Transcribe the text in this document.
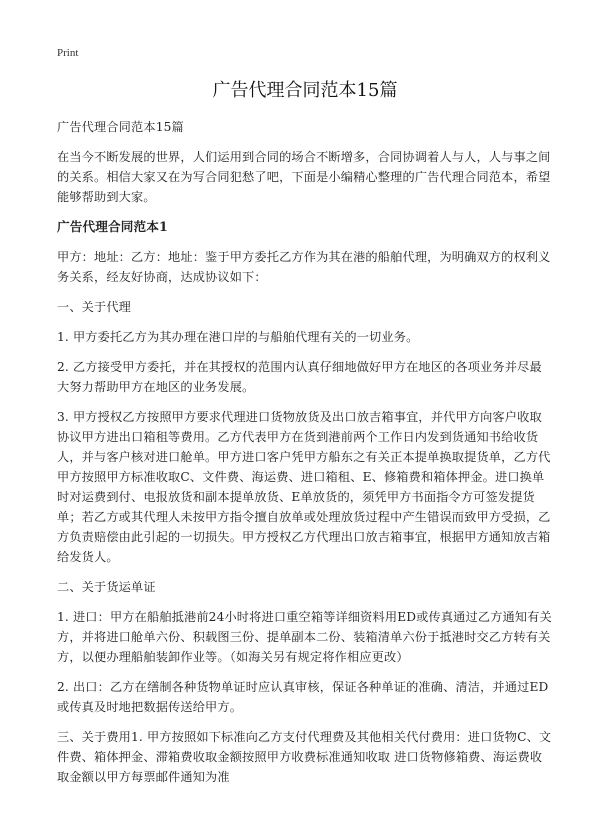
Print
广告代理合同范本15篇

广告代理合同范本15篇

在当今不断发展的世界，人们运用到合同的场合不断增多，合同协调着人与人，人与事之间的关系。相信大家又在为写合同犯愁了吧，下面是小编精心整理的广告代理合同范本，希望能够帮助到大家。

广告代理合同范本1

甲方：地址：乙方：地址：鉴于甲方委托乙方作为其在港的船舶代理，为明确双方的权利义务关系，经友好协商，达成协议如下：

一、关于代理

1. 甲方委托乙方为其办理在港口岸的与船舶代理有关的一切业务。

2. 乙方接受甲方委托，并在其授权的范围内认真仔细地做好甲方在地区的各项业务并尽最大努力帮助甲方在地区的业务发展。

3. 甲方授权乙方按照甲方要求代理进口货物放货及出口放吉箱事宜，并代甲方向客户收取协议甲方进出口箱租等费用。乙方代表甲方在货到港前两个工作日内发到货通知书给收货人，并与客户核对进口舱单。甲方进口客户凭甲方船东之有关正本提单换取提货单，乙方代甲方按照甲方标准收取C、文件费、海运费、进口箱租、E、修箱费和箱体押金。进口换单时对运费到付、电报放货和副本提单放货、E单放货的，须凭甲方书面指令方可签发提货单；若乙方或其代理人未按甲方指令擅自放单或处理放货过程中产生错误而致甲方受损，乙方负责赔偿由此引起的一切损失。甲方授权乙方代理出口放吉箱事宜，根据甲方通知放吉箱给发货人。

二、关于货运单证

1. 进口：甲方在船舶抵港前24小时将进口重空箱等详细资料用ED或传真通过乙方通知有关方，并将进口舱单六份、积载图三份、提单副本二份、装箱清单六份于抵港时交乙方转有关方，以便办理船舶装卸作业等。（如海关另有规定将作相应更改）

2. 出口：乙方在缮制各种货物单证时应认真审核，保证各种单证的准确、清洁，并通过ED或传真及时地把数据传送给甲方。

三、关于费用1. 甲方按照如下标准向乙方支付代理费及其他相关代付费用：进口货物C、文件费、箱体押金、滞箱费收取金额按照甲方收费标准通知收取 进口货物修箱费、海运费收取金额以甲方每票邮件通知为准
